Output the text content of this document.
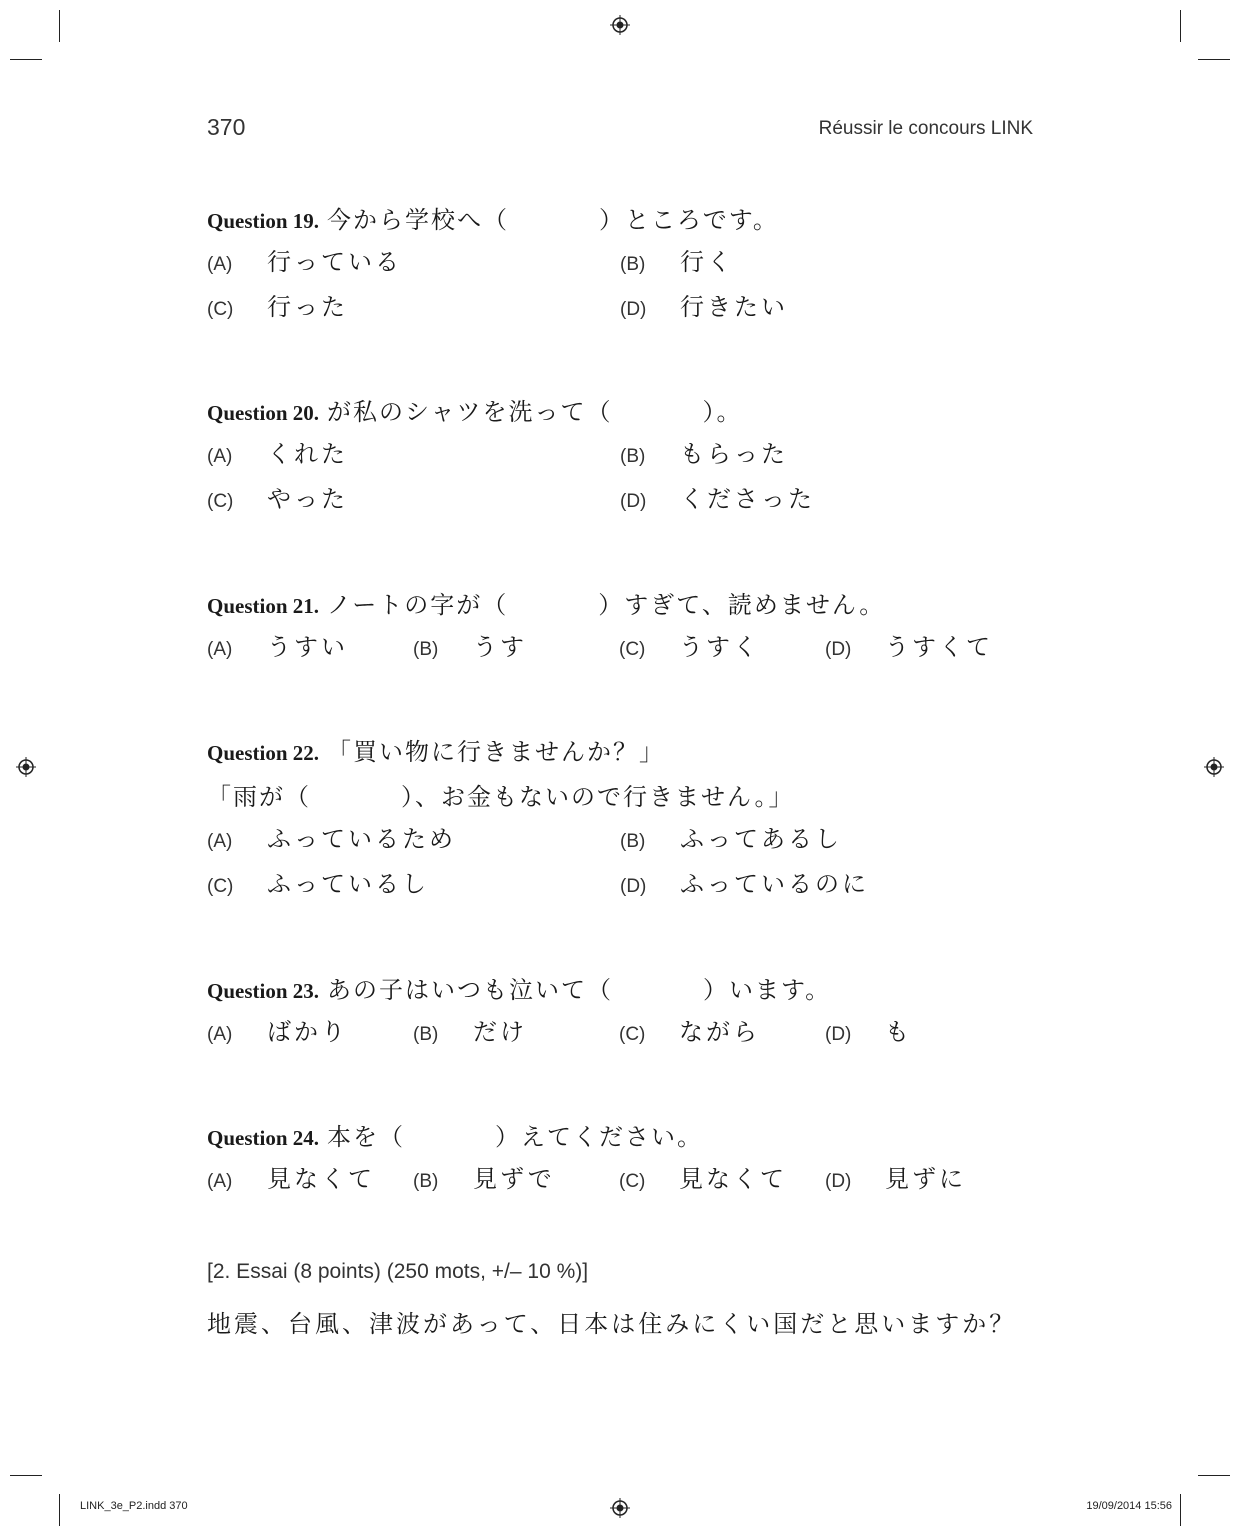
370	Réussir le concours LINK
Question 19. 今から学校へ（	）ところです。
(A)	行っている	(B)	行く
(C)	行った	(D)	行きたい
Question 20. が私のシャツを洗って（	）。
(A)	くれた	(B)	もらった
(C)	やった	(D)	くださった
Question 21. ノートの字が（	）すぎて、読めません。
(A)	うすい	(B)	うす	(C)	うすく	(D)	うすくて
Question 22. 「買い物に行きませんか？」
「雨が（	）、お金もないので行きません。」
(A)	ふっているため	(B)	ふってあるし
(C)	ふっているし	(D)	ふっているのに
Question 23. あの子はいつも泣いて（	）います。
(A)	ばかり	(B)	だけ	(C)	ながら	(D)	も
Question 24. 本を（	）えてください。
(A)	見なくて (B)	見ずで	(C)	見なくて (D)	見ずに
[2. Essai (8 points) (250 mots, +/– 10 %)]
地震、台風、津波があって、日本は住みにくい国だと思いますか？
LINK_3e_P2.indd 370	19/09/2014 15:56
